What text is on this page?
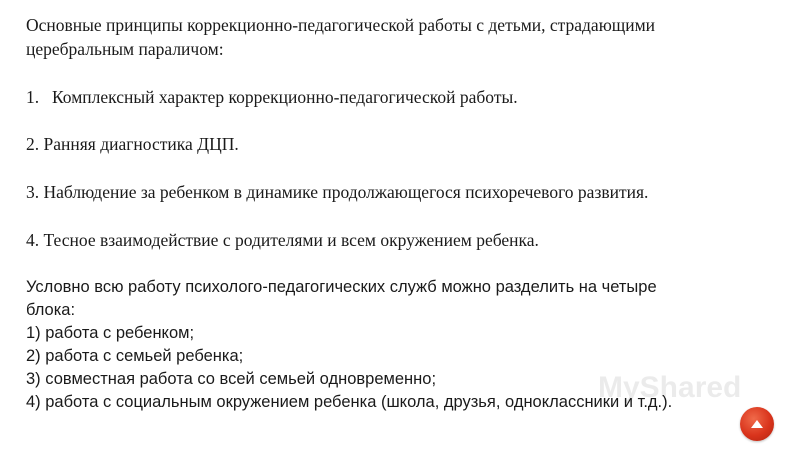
Основные принципы коррекционно-педагогической работы с детьми, страдающими

церебральным параличом:

1. Комплексный характер коррекционно-педагогической работы.

2. Ранняя диагностика ДЦП.

3. Наблюдение за ребенком в динамике продолжающегося психоречевого развития.

4. Тесное взаимодействие с родителями и всем окружением ребенка.

Условно всю работу психолого-педагогических служб можно разделить на четыре

блока:

1) работа с ребенком;

2) работа с семьей ребенка;

3) совместная работа со всей семьей одновременно;

4) работа с социальным окружением ребенка (школа, друзья, одноклассники и т.д.).

MyShared
